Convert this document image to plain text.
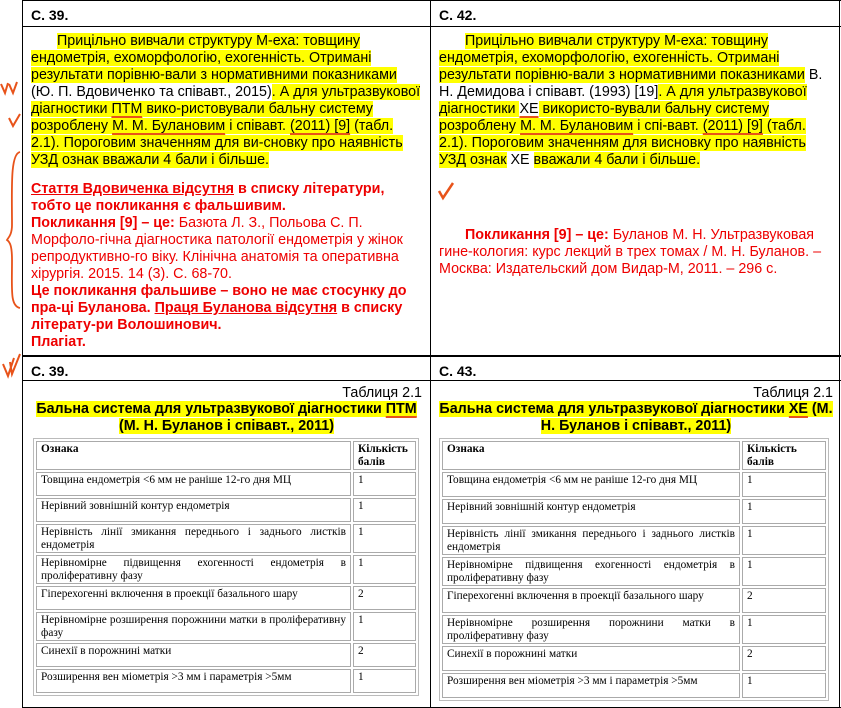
С. 39.	С. 42.
Прицільно вивчали структуру М-еха: товщину ендометрія, ехоморфологію, exогенність. Отримані результати порівню-вали з нормативними показниками (Ю. П. Вдовиченко та співавт., 2015). А для ультразвукової діагностики ПТМ вико-ристовували бальну систему розроблену М. М. Булановим і співавт. (2011) [9] (табл. 2.1). Пороговим значенням для ви-сновку про наявність УЗД ознак вважали 4 бали і більше.
Стаття Вдовиченка відсутня в списку літератури, тобто це покликання є фальшивим.
Покликання [9] – це: Базюта Л. З., Польова С. П. Морфоло-гічна діагностика патології ендометрія у жінок репродуктивно-го віку. Клінічна анатомія та оперативна хірургія. 2015. 14 (3). С. 68-70.
Це покликання фальшиве – воно не має стосунку до пра-ці Буланова. Праця Буланова відсутня в списку літерату-ри Волошинович.
Плагіат.
Прицільно вивчали структуру М-еха: товщину ендометрія, ехоморфологію, exогенність. Отримані результати порівню-вали з нормативними показниками В. Н. Демидова і співавт. (1993) [19]. А для ультразвукової діагностики ХЕ використо-вували бальну систему розроблену М. М. Булановим і спі-вавт. (2011) [9] (табл. 2.1). Пороговим значенням для висновку про наявність УЗД ознак ХЕ вважали 4 бали і більше.
Покликання [9] – це: Буланов М. Н. Ультразвуковая гине-кология: курс лекций в трех томах / М. Н. Буланов. – Москва: Издательский дом Видар-М, 2011. – 296 с.
С. 39.	С. 43.
Таблиця 2.1
Бальна система для ультразвукової діагностики ПТМ (М. Н. Буланов і співавт., 2011)
Ознака	Кількість балів
Товщина ендометрія <6 мм не раніше 12-го дня МЦ	1
Нерівний зовнішній контур ендометрія	1
Нерівність лінії змикання переднього і заднього листків ендометрія	1
Нерівномірне підвищення ехогенності ендометрія в проліферативну фазу	1
Гіперехогенні включення в проекції базального шару	2
Нерівномірне розширення порожнини матки в проліферативну фазу	1
Синехії в порожнині матки	2
Розширення вен міометрія >3 мм і параметрія >5мм	1
Таблиця 2.1
Бальна система для ультразвукової діагностики ХЕ (М. Н. Буланов і співавт., 2011)
Ознака	Кількість балів
Товщина ендометрія <6 мм не раніше 12-го дня МЦ	1
Нерівний зовнішній контур ендометрія	1
Нерівність лінії змикання переднього і заднього листків ендометрія	1
Нерівномірне підвищення ехогенності ендометрія в проліферативну фазу	1
Гіперехогенні включення в проекції базального шару	2
Нерівномірне розширення порожнини матки в проліферативну фазу	1
Синехії в порожнині матки	2
Розширення вен міометрія >3 мм і параметрія >5мм	1
